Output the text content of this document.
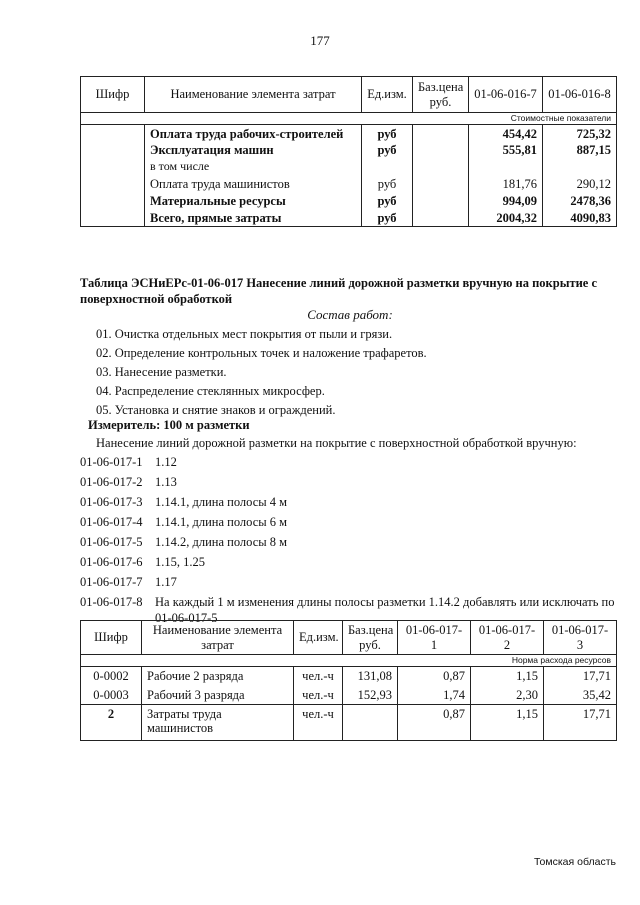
177
Шифр	Наименование элемента затрат	Ед.изм.	Баз.цена руб.	01-06-016-7	01-06-016-8
Стоимостные показатели					
	Оплата труда рабочих-строителей	руб		454,42	725,32
	Эксплуатация машин	руб		555,81	887,15
	в том числе				
	Оплата труда машинистов	руб		181,76	290,12
	Материальные ресурсы	руб		994,09	2478,36
	Всего, прямые затраты	руб		2004,32	4090,83
Таблица ЭСНиЕРс-01-06-017 Нанесение линий дорожной разметки вручную на покрытие с поверхностной обработкой
Состав работ:
01. Очистка отдельных мест покрытия от пыли и грязи.
02. Определение контрольных точек и наложение трафаретов.
03. Нанесение разметки.
04. Распределение стеклянных микросфер.
05. Установка и снятие знаков и ограждений.
Измеритель: 100 м разметки
Нанесение линий дорожной разметки на покрытие с поверхностной обработкой вручную:
01-06-017-1	1.12
01-06-017-2	1.13
01-06-017-3	1.14.1, длина полосы 4 м
01-06-017-4	1.14.1, длина полосы 6 м
01-06-017-5	1.14.2, длина полосы 8 м
01-06-017-6	1.15, 1.25
01-06-017-7	1.17
01-06-017-8	На каждый 1 м изменения длины полосы разметки 1.14.2 добавлять или исключать по 01-06-017-5
Шифр	Наименование элемента затрат	Ед.изм.	Баз.цена руб.	01-06-017-1	01-06-017-2	01-06-017-3
Норма расхода ресурсов						
0-0002	Рабочие 2 разряда	чел.-ч	131,08	0,87	1,15	17,71
0-0003	Рабочий 3 разряда	чел.-ч	152,93	1,74	2,30	35,42
2	Затраты труда машинистов	чел.-ч		0,87	1,15	17,71
Томская область
